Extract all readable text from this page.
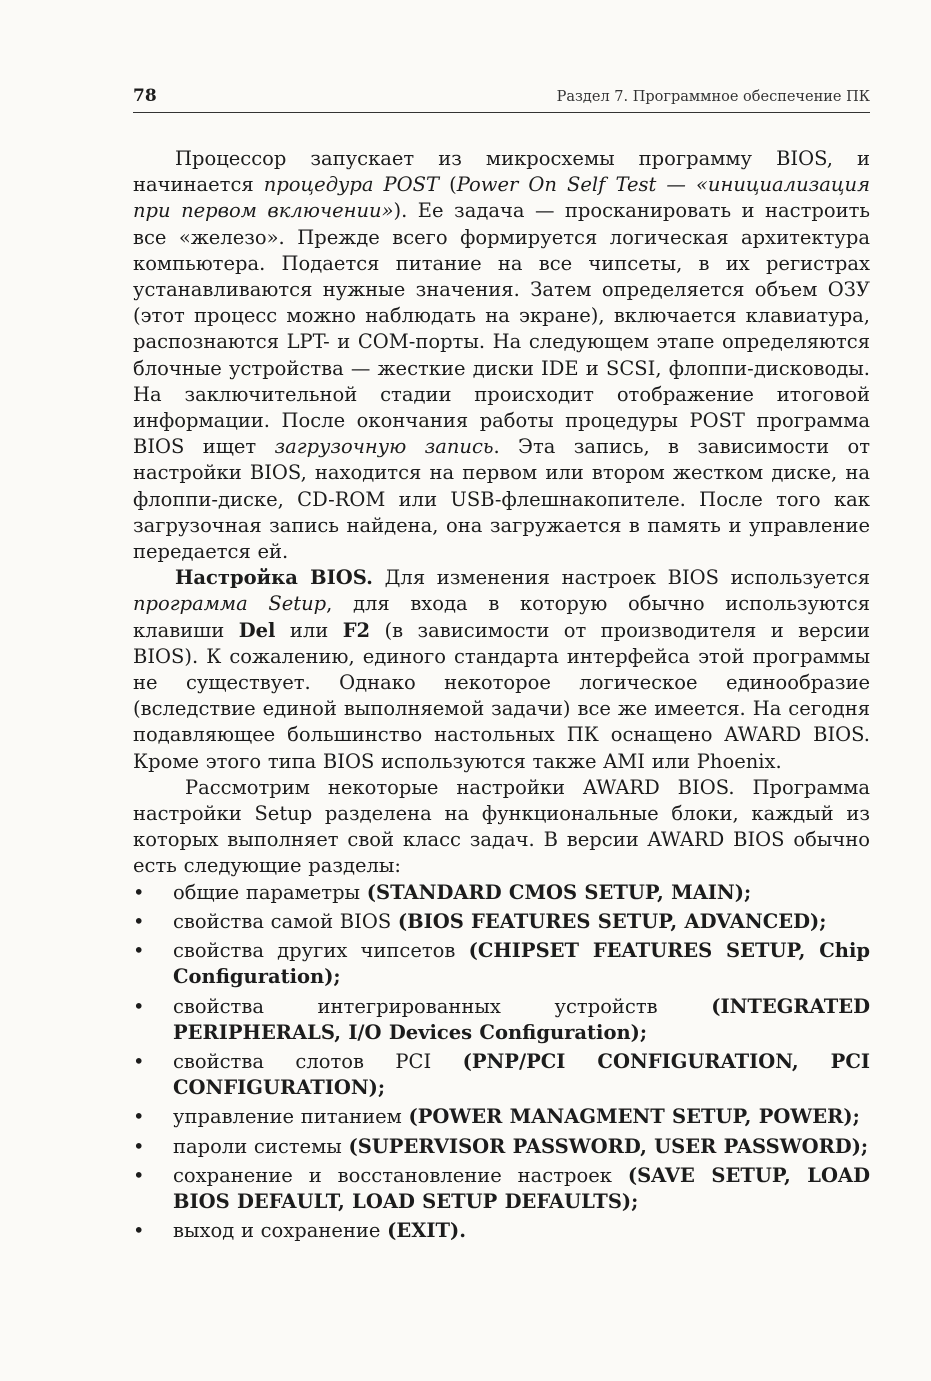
78	Раздел 7. Программное обеспечение ПК

Процессор запускает из микросхемы программу BIOS, и начинается процедура POST (Power On Self Test — «инициализация при первом включении»). Ее задача — просканировать и настроить все «железо». Прежде всего формируется логическая архитектура компьютера. Подается питание на все чипсеты, в их регистрах устанавливаются нужные значения. Затем определяется объем ОЗУ (этот процесс можно наблюдать на экране), включается клавиатура, распознаются LPT- и COM-порты. На следующем этапе определяются блочные устройства — жесткие диски IDE и SCSI, флоппи-дисководы. На заключительной стадии происходит отображение итоговой информации. После окончания работы процедуры POST программа BIOS ищет загрузочную запись. Эта запись, в зависимости от настройки BIOS, находится на первом или втором жестком диске, на флоппи-диске, CD-ROM или USB-флешнакопителе. После того как загрузочная запись найдена, она загружается в память и управление передается ей.

Настройка BIOS. Для изменения настроек BIOS используется программа Setup, для входа в которую обычно используются клавиши Del или F2 (в зависимости от производителя и версии BIOS). К сожалению, единого стандарта интерфейса этой программы не существует. Однако некоторое логическое единообразие (вследствие единой выполняемой задачи) все же имеется. На сегодня подавляющее большинство настольных ПК оснащено AWARD BIOS. Кроме этого типа BIOS используются также AMI или Phoenix.

Рассмотрим некоторые настройки AWARD BIOS. Программа настройки Setup разделена на функциональные блоки, каждый из которых выполняет свой класс задач. В версии AWARD BIOS обычно есть следующие разделы:

• общие параметры (STANDARD CMOS SETUP, MAIN);
• свойства самой BIOS (BIOS FEATURES SETUP, ADVANCED);
• свойства других чипсетов (CHIPSET FEATURES SETUP, Chip Configuration);
• свойства интегрированных устройств (INTEGRATED PERIPHERALS, I/O Devices Configuration);
• свойства слотов PCI (PNP/PCI CONFIGURATION, PCI CONFIGURATION);
• управление питанием (POWER MANAGMENT SETUP, POWER);
• пароли системы (SUPERVISOR PASSWORD, USER PASSWORD);
• сохранение и восстановление настроек (SAVE SETUP, LOAD BIOS DEFAULT, LOAD SETUP DEFAULTS);
• выход и сохранение (EXIT).
